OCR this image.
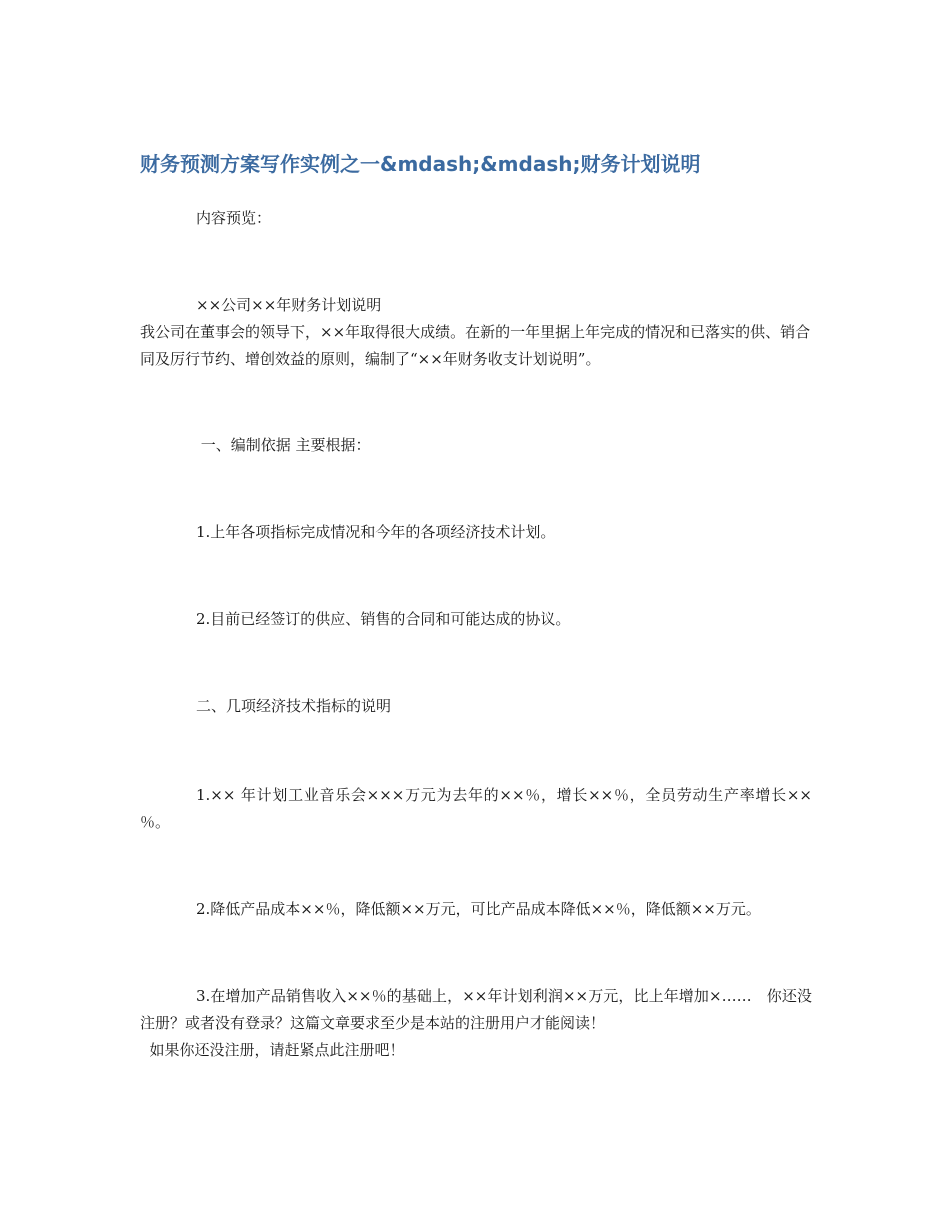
财务预测方案写作实例之一&mdash;&mdash;财务计划说明

内容预览：

××公司××年财务计划说明

我公司在董事会的领导下，××年取得很大成绩。在新的一年里据上年完成的情况和已落实的供、销合同及厉行节约、增创效益的原则，编制了“××年财务收支计划说明”。

一、编制依据 主要根据：

1.上年各项指标完成情况和今年的各项经济技术计划。

2.目前已经签订的供应、销售的合同和可能达成的协议。

二、几项经济技术指标的说明

1.×× 年计划工业音乐会×××万元为去年的××％，增长××％，全员劳动生产率增长×× ％。

2.降低产品成本××％，降低额××万元，可比产品成本降低××％，降低额××万元。

3.在增加产品销售收入××％的基础上，××年计划利润××万元，比上年增加×……　你还没注册？或者没有登录？这篇文章要求至少是本站的注册用户才能阅读！
如果你还没注册，请赶紧点此注册吧！
